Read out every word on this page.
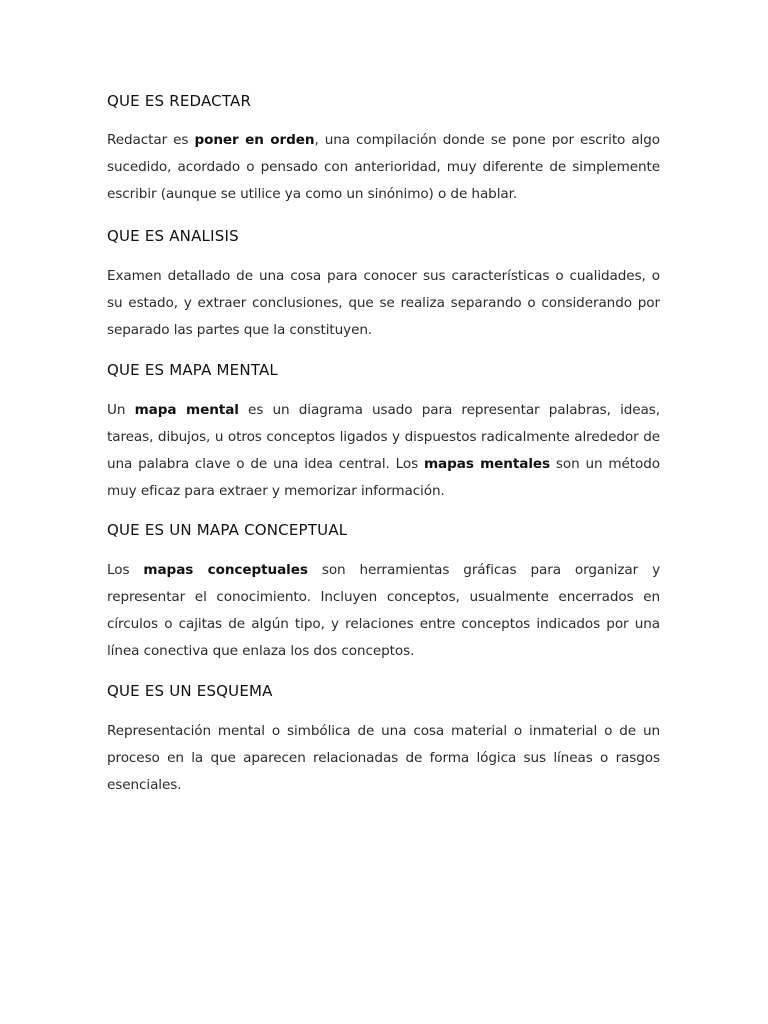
QUE ES REDACTAR

Redactar es poner en orden, una compilación donde se pone por escrito algo sucedido, acordado o pensado con anterioridad, muy diferente de simplemente escribir (aunque se utilice ya como un sinónimo) o de hablar.

QUE ES ANALISIS

Examen detallado de una cosa para conocer sus características o cualidades, o su estado, y extraer conclusiones, que se realiza separando o considerando por separado las partes que la constituyen.

QUE ES MAPA MENTAL

Un mapa mental es un diagrama usado para representar palabras, ideas, tareas, dibujos, u otros conceptos ligados y dispuestos radicalmente alrededor de una palabra clave o de una idea central. Los mapas mentales son un método muy eficaz para extraer y memorizar información.

QUE ES UN MAPA CONCEPTUAL

Los mapas conceptuales son herramientas gráficas para organizar y representar el conocimiento. Incluyen conceptos, usualmente encerrados en círculos o cajitas de algún tipo, y relaciones entre conceptos indicados por una línea conectiva que enlaza los dos conceptos.

QUE ES UN ESQUEMA

Representación mental o simbólica de una cosa material o inmaterial o de un proceso en la que aparecen relacionadas de forma lógica sus líneas o rasgos esenciales.
